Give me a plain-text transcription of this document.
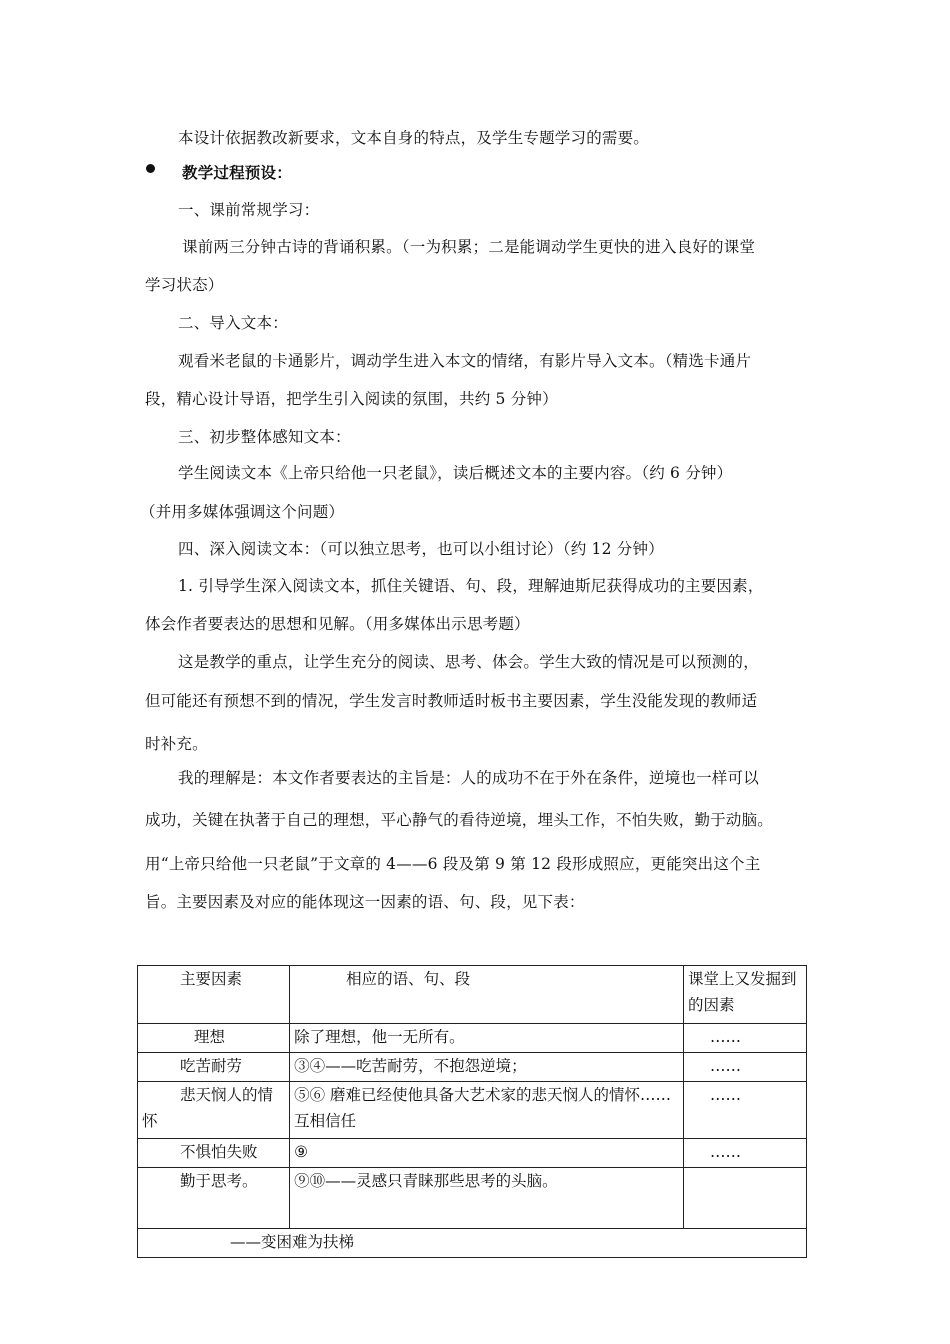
本设计依据教改新要求，文本自身的特点，及学生专题学习的需要。
教学过程预设：
一、课前常规学习：
课前两三分钟古诗的背诵积累。（一为积累；二是能调动学生更快的进入良好的课堂
学习状态）
二、导入文本：
观看米老鼠的卡通影片，调动学生进入本文的情绪，有影片导入文本。（精选卡通片
段，精心设计导语，把学生引入阅读的氛围，共约 5 分钟）
三、初步整体感知文本：
学生阅读文本《上帝只给他一只老鼠》，读后概述文本的主要内容。（约 6 分钟）
（并用多媒体强调这个问题）
四、深入阅读文本：（可以独立思考，也可以小组讨论）（约 12 分钟）
1. 引导学生深入阅读文本，抓住关键语、句、段，理解迪斯尼获得成功的主要因素，
体会作者要表达的思想和见解。（用多媒体出示思考题）
这是教学的重点，让学生充分的阅读、思考、体会。学生大致的情况是可以预测的，
但可能还有预想不到的情况，学生发言时教师适时板书主要因素，学生没能发现的教师适
时补充。
我的理解是：本文作者要表达的主旨是：人的成功不在于外在条件，逆境也一样可以
成功，关键在执著于自己的理想，平心静气的看待逆境，埋头工作，不怕失败，勤于动脑。
用“上帝只给他一只老鼠”于文章的 4——6 段及第 9 第 12 段形成照应，更能突出这个主
旨。主要因素及对应的能体现这一因素的语、句、段，见下表：
主要因素	相应的语、句、段	课堂上又发掘到的因素
理想	除了理想，他一无所有。	……
吃苦耐劳	③④——吃苦耐劳，不抱怨逆境；	……
悲天悯人的情怀	⑤⑥ 磨难已经使他具备大艺术家的悲天悯人的情怀……互相信任	……
不惧怕失败	⑨	……
勤于思考。	⑨⑩——灵感只青睐那些思考的头脑。	
——变困难为扶梯		
